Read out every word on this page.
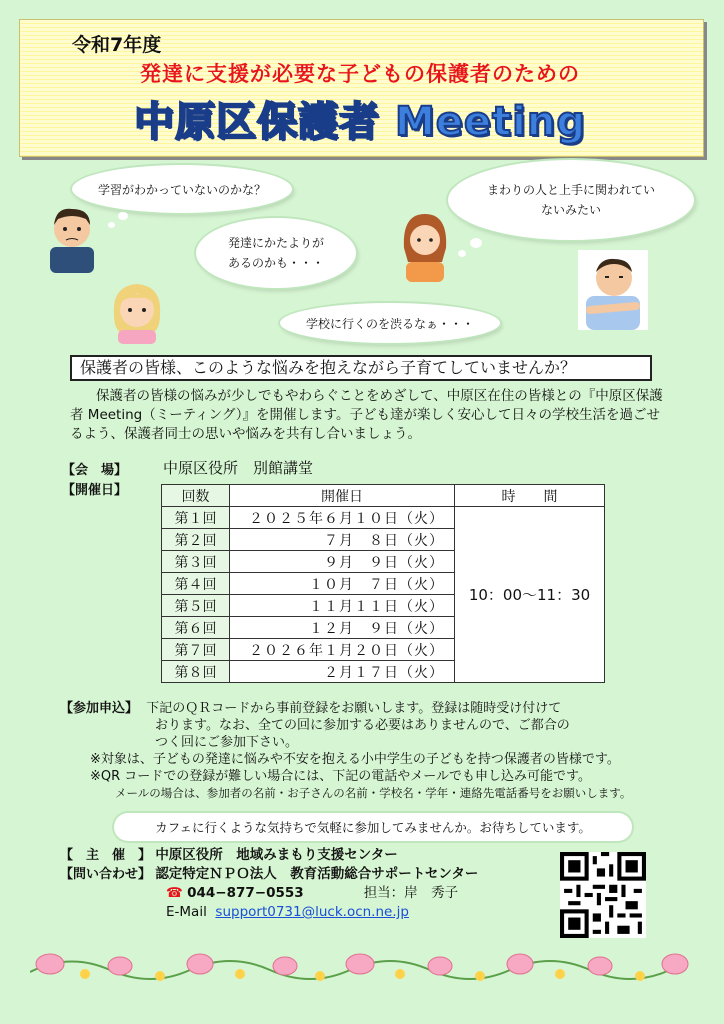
令和7年度
発達に支援が必要な子どもの保護者のための
中原区保護者 Meeting
学習がわかっていないのかな？	まわりの人と上手に関われていないみたい
発達にかたよりがあるのかも・・・
学校に行くのを渋るなぁ・・・
保護者の皆様、このような悩みを抱えながら子育てしていませんか？
保護者の皆様の悩みが少しでもやわらぐことをめざして、中原区在住の皆様との『中原区保護者 Meeting（ミーティング）』を開催します。子ども達が楽しく安心して日々の学校生活を過ごせるよう、保護者同士の思いや悩みを共有し合いましょう。
【会　場】 中原区役所　別館講堂
【開催日】	回数	開催日	時　　間
第１回	２０２５年６月１０日（火）	10：00〜11：30
第２回	７月　８日（火）	
第３回	９月　９日（火）	
第４回	１０月　７日（火）	
第５回	１１月１１日（火）	
第６回	１２月　９日（火）	
第７回	２０２６年１月２０日（火）	
第８回	２月１７日（火）	
【参加申込】 下記のＱＲコードから事前登録をお願いします。登録は随時受け付けて
おります。なお、全ての回に参加する必要はありませんので、ご都合の
つく回にご参加下さい。
※対象は、子どもの発達に悩みや不安を抱える小中学生の子どもを持つ保護者の皆様です。
※QR コードでの登録が難しい場合には、下記の電話やメールでも申し込み可能です。
メールの場合は、参加者の名前・お子さんの名前・学校名・学年・連絡先電話番号をお願いします。
カフェに行くような気持ちで気軽に参加してみませんか。お待ちしています。
【　主　催　】 中原区役所　地域みまもり支援センター
【問い合わせ】 認定特定ＮＰＯ法人　教育活動総合サポートセンター
☎ 044−877−0553	担当：岸　秀子
E-Mail support0731@luck.ocn.ne.jp
